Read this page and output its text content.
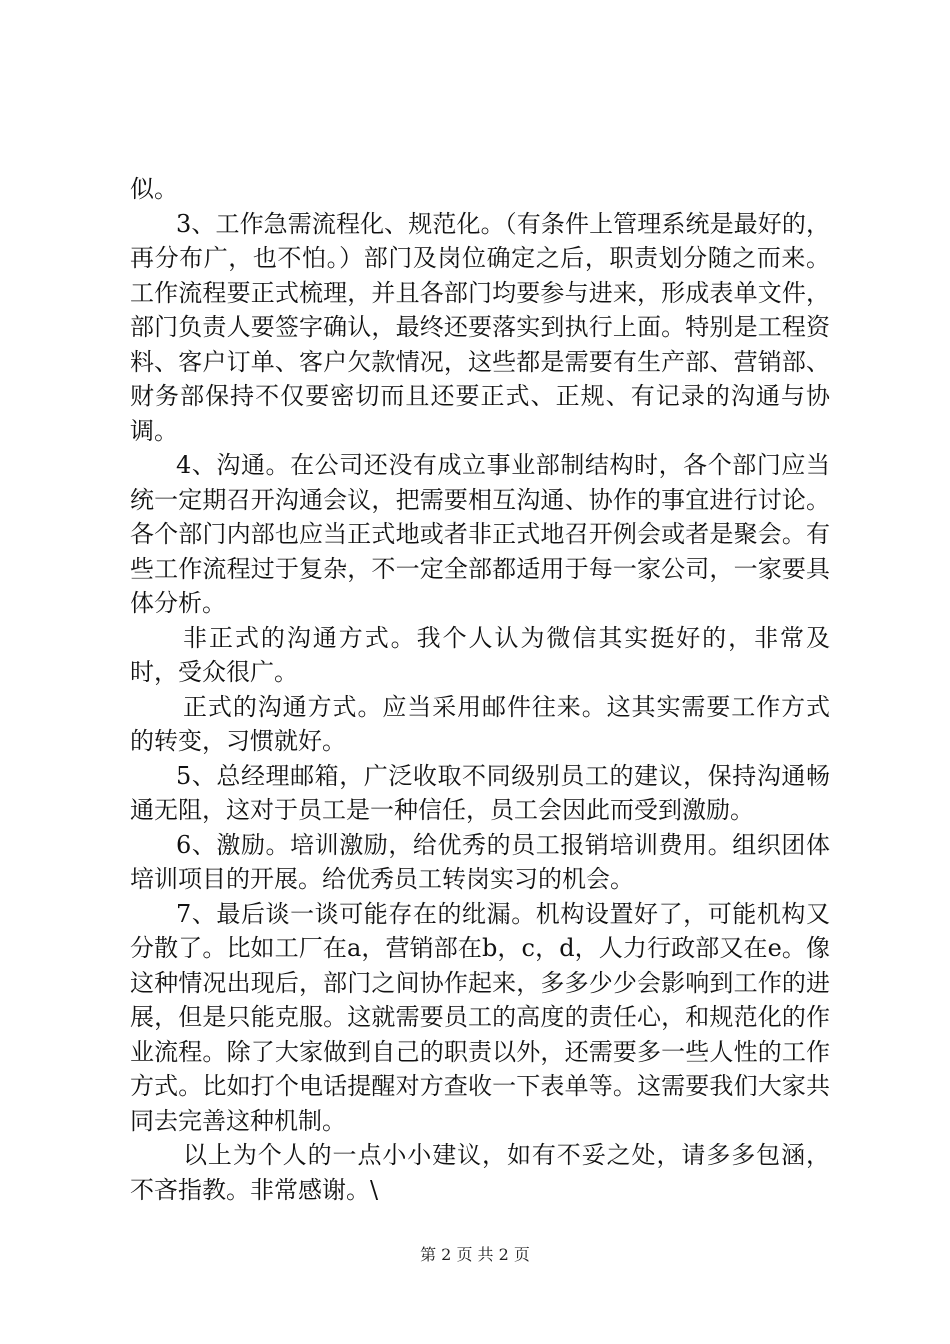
似。

3、工作急需流程化、规范化。（有条件上管理系统是最好的，再分布广，也不怕。）部门及岗位确定之后，职责划分随之而来。工作流程要正式梳理，并且各部门均要参与进来，形成表单文件，部门负责人要签字确认，最终还要落实到执行上面。特别是工程资料、客户订单、客户欠款情况，这些都是需要有生产部、营销部、财务部保持不仅要密切而且还要正式、正规、有记录的沟通与协调。

4、沟通。在公司还没有成立事业部制结构时，各个部门应当统一定期召开沟通会议，把需要相互沟通、协作的事宜进行讨论。各个部门内部也应当正式地或者非正式地召开例会或者是聚会。有些工作流程过于复杂，不一定全部都适用于每一家公司，一家要具体分析。

非正式的沟通方式。我个人认为微信其实挺好的，非常及时，受众很广。

正式的沟通方式。应当采用邮件往来。这其实需要工作方式的转变，习惯就好。

5、总经理邮箱，广泛收取不同级别员工的建议，保持沟通畅通无阻，这对于员工是一种信任，员工会因此而受到激励。

6、激励。培训激励，给优秀的员工报销培训费用。组织团体培训项目的开展。给优秀员工转岗实习的机会。

7、最后谈一谈可能存在的纰漏。机构设置好了，可能机构又分散了。比如工厂在a，营销部在b，c，d，人力行政部又在e。像这种情况出现后，部门之间协作起来，多多少少会影响到工作的进展，但是只能克服。这就需要员工的高度的责任心，和规范化的作业流程。除了大家做到自己的职责以外，还需要多一些人性的工作方式。比如打个电话提醒对方查收一下表单等。这需要我们大家共同去完善这种机制。

以上为个人的一点小小建议，如有不妥之处，请多多包涵，不吝指教。非常感谢。\

第 2 页 共 2 页
